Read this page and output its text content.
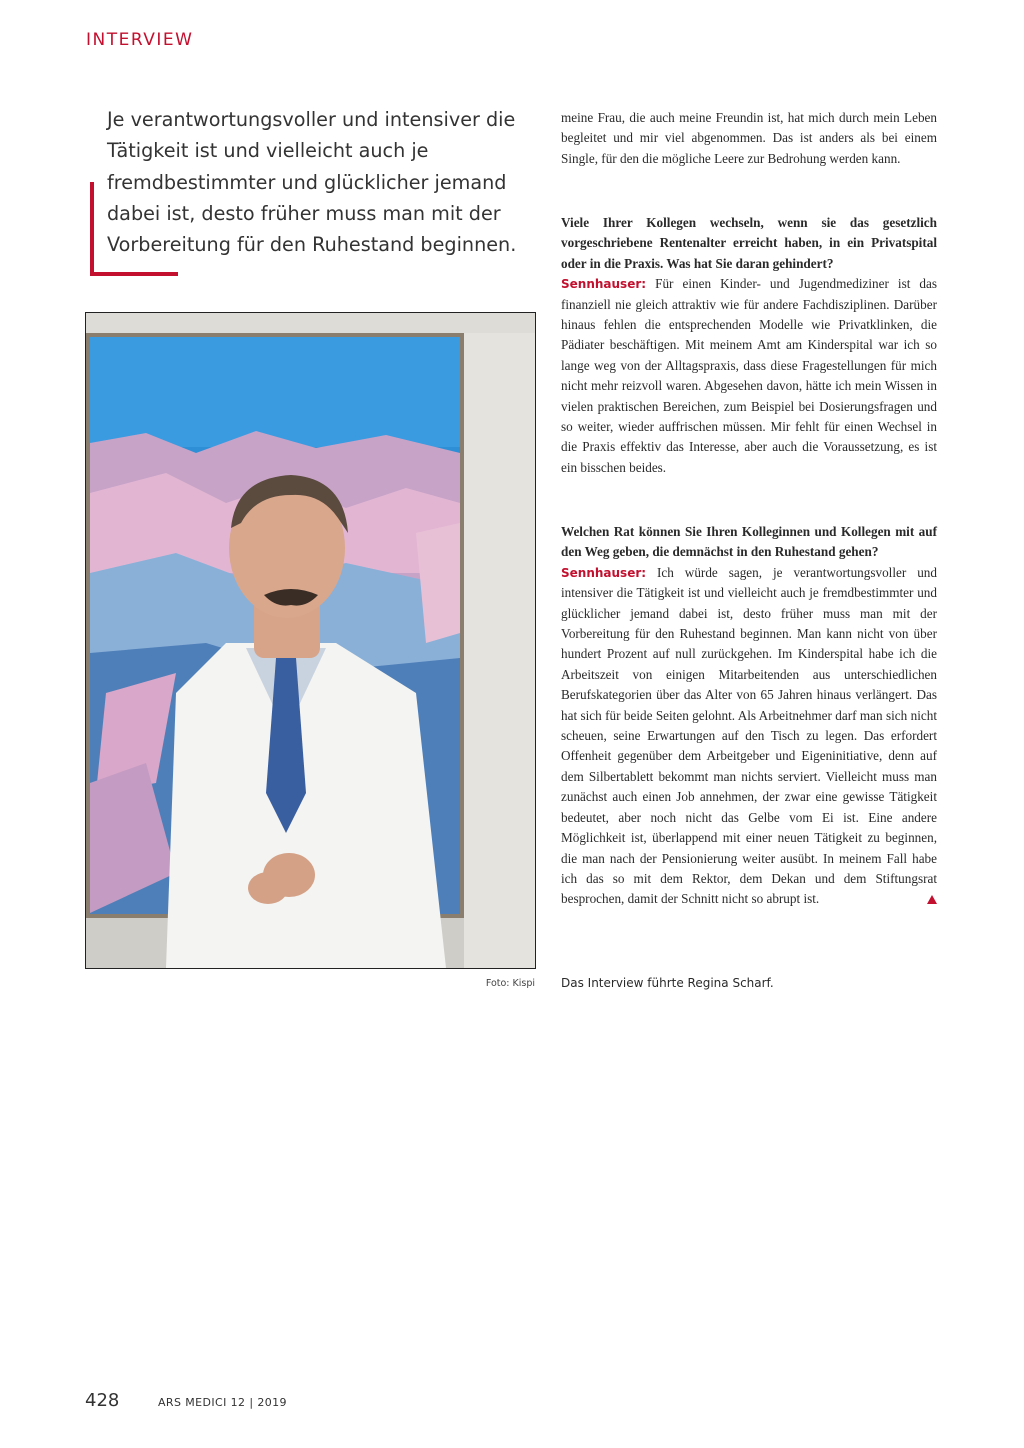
INTERVIEW

Je verantwortungsvoller und intensiver die Tätigkeit ist und vielleicht auch je fremdbestimmter und glücklicher jemand dabei ist, desto früher muss man mit der Vorbereitung für den Ruhestand beginnen.

Foto: Kispi

meine Frau, die auch meine Freundin ist, hat mich durch mein Leben begleitet und mir viel abgenommen. Das ist anders als bei einem Single, für den die mögliche Leere zur Bedrohung werden kann.

Viele Ihrer Kollegen wechseln, wenn sie das gesetzlich vorgeschriebene Rentenalter erreicht haben, in ein Privatspital oder in die Praxis. Was hat Sie daran gehindert?

Sennhauser: Für einen Kinder- und Jugendmediziner ist das finanziell nie gleich attraktiv wie für andere Fachdisziplinen. Darüber hinaus fehlen die entsprechenden Modelle wie Privatklinken, die Pädiater beschäftigen. Mit meinem Amt am Kinderspital war ich so lange weg von der Alltagspraxis, dass diese Fragestellungen für mich nicht mehr reizvoll waren. Abgesehen davon, hätte ich mein Wissen in vielen praktischen Bereichen, zum Beispiel bei Dosierungsfragen und so weiter, wieder auffrischen müssen. Mir fehlt für einen Wechsel in die Praxis effektiv das Interesse, aber auch die Voraussetzung, es ist ein bisschen beides.

Welchen Rat können Sie Ihren Kolleginnen und Kollegen mit auf den Weg geben, die demnächst in den Ruhestand gehen?

Sennhauser: Ich würde sagen, je verantwortungsvoller und intensiver die Tätigkeit ist und vielleicht auch je fremdbestimmter und glücklicher jemand dabei ist, desto früher muss man mit der Vorbereitung für den Ruhestand beginnen. Man kann nicht von über hundert Prozent auf null zurückgehen. Im Kinderspital habe ich die Arbeitszeit von einigen Mitarbeitenden aus unterschiedlichen Berufskategorien über das Alter von 65 Jahren hinaus verlängert. Das hat sich für beide Seiten gelohnt. Als Arbeitnehmer darf man sich nicht scheuen, seine Erwartungen auf den Tisch zu legen. Das erfordert Offenheit gegenüber dem Arbeitgeber und Eigeninitiative, denn auf dem Silbertablett bekommt man nichts serviert. Vielleicht muss man zunächst auch einen Job annehmen, der zwar eine gewisse Tätigkeit bedeutet, aber noch nicht das Gelbe vom Ei ist. Eine andere Möglichkeit ist, überlappend mit einer neuen Tätigkeit zu beginnen, die man nach der Pensionierung weiter ausübt. In meinem Fall habe ich das so mit dem Rektor, dem Dekan und dem Stiftungsrat besprochen, damit der Schnitt nicht so abrupt ist.

Das Interview führte Regina Scharf.
428	ARS MEDICI 12 | 2019
